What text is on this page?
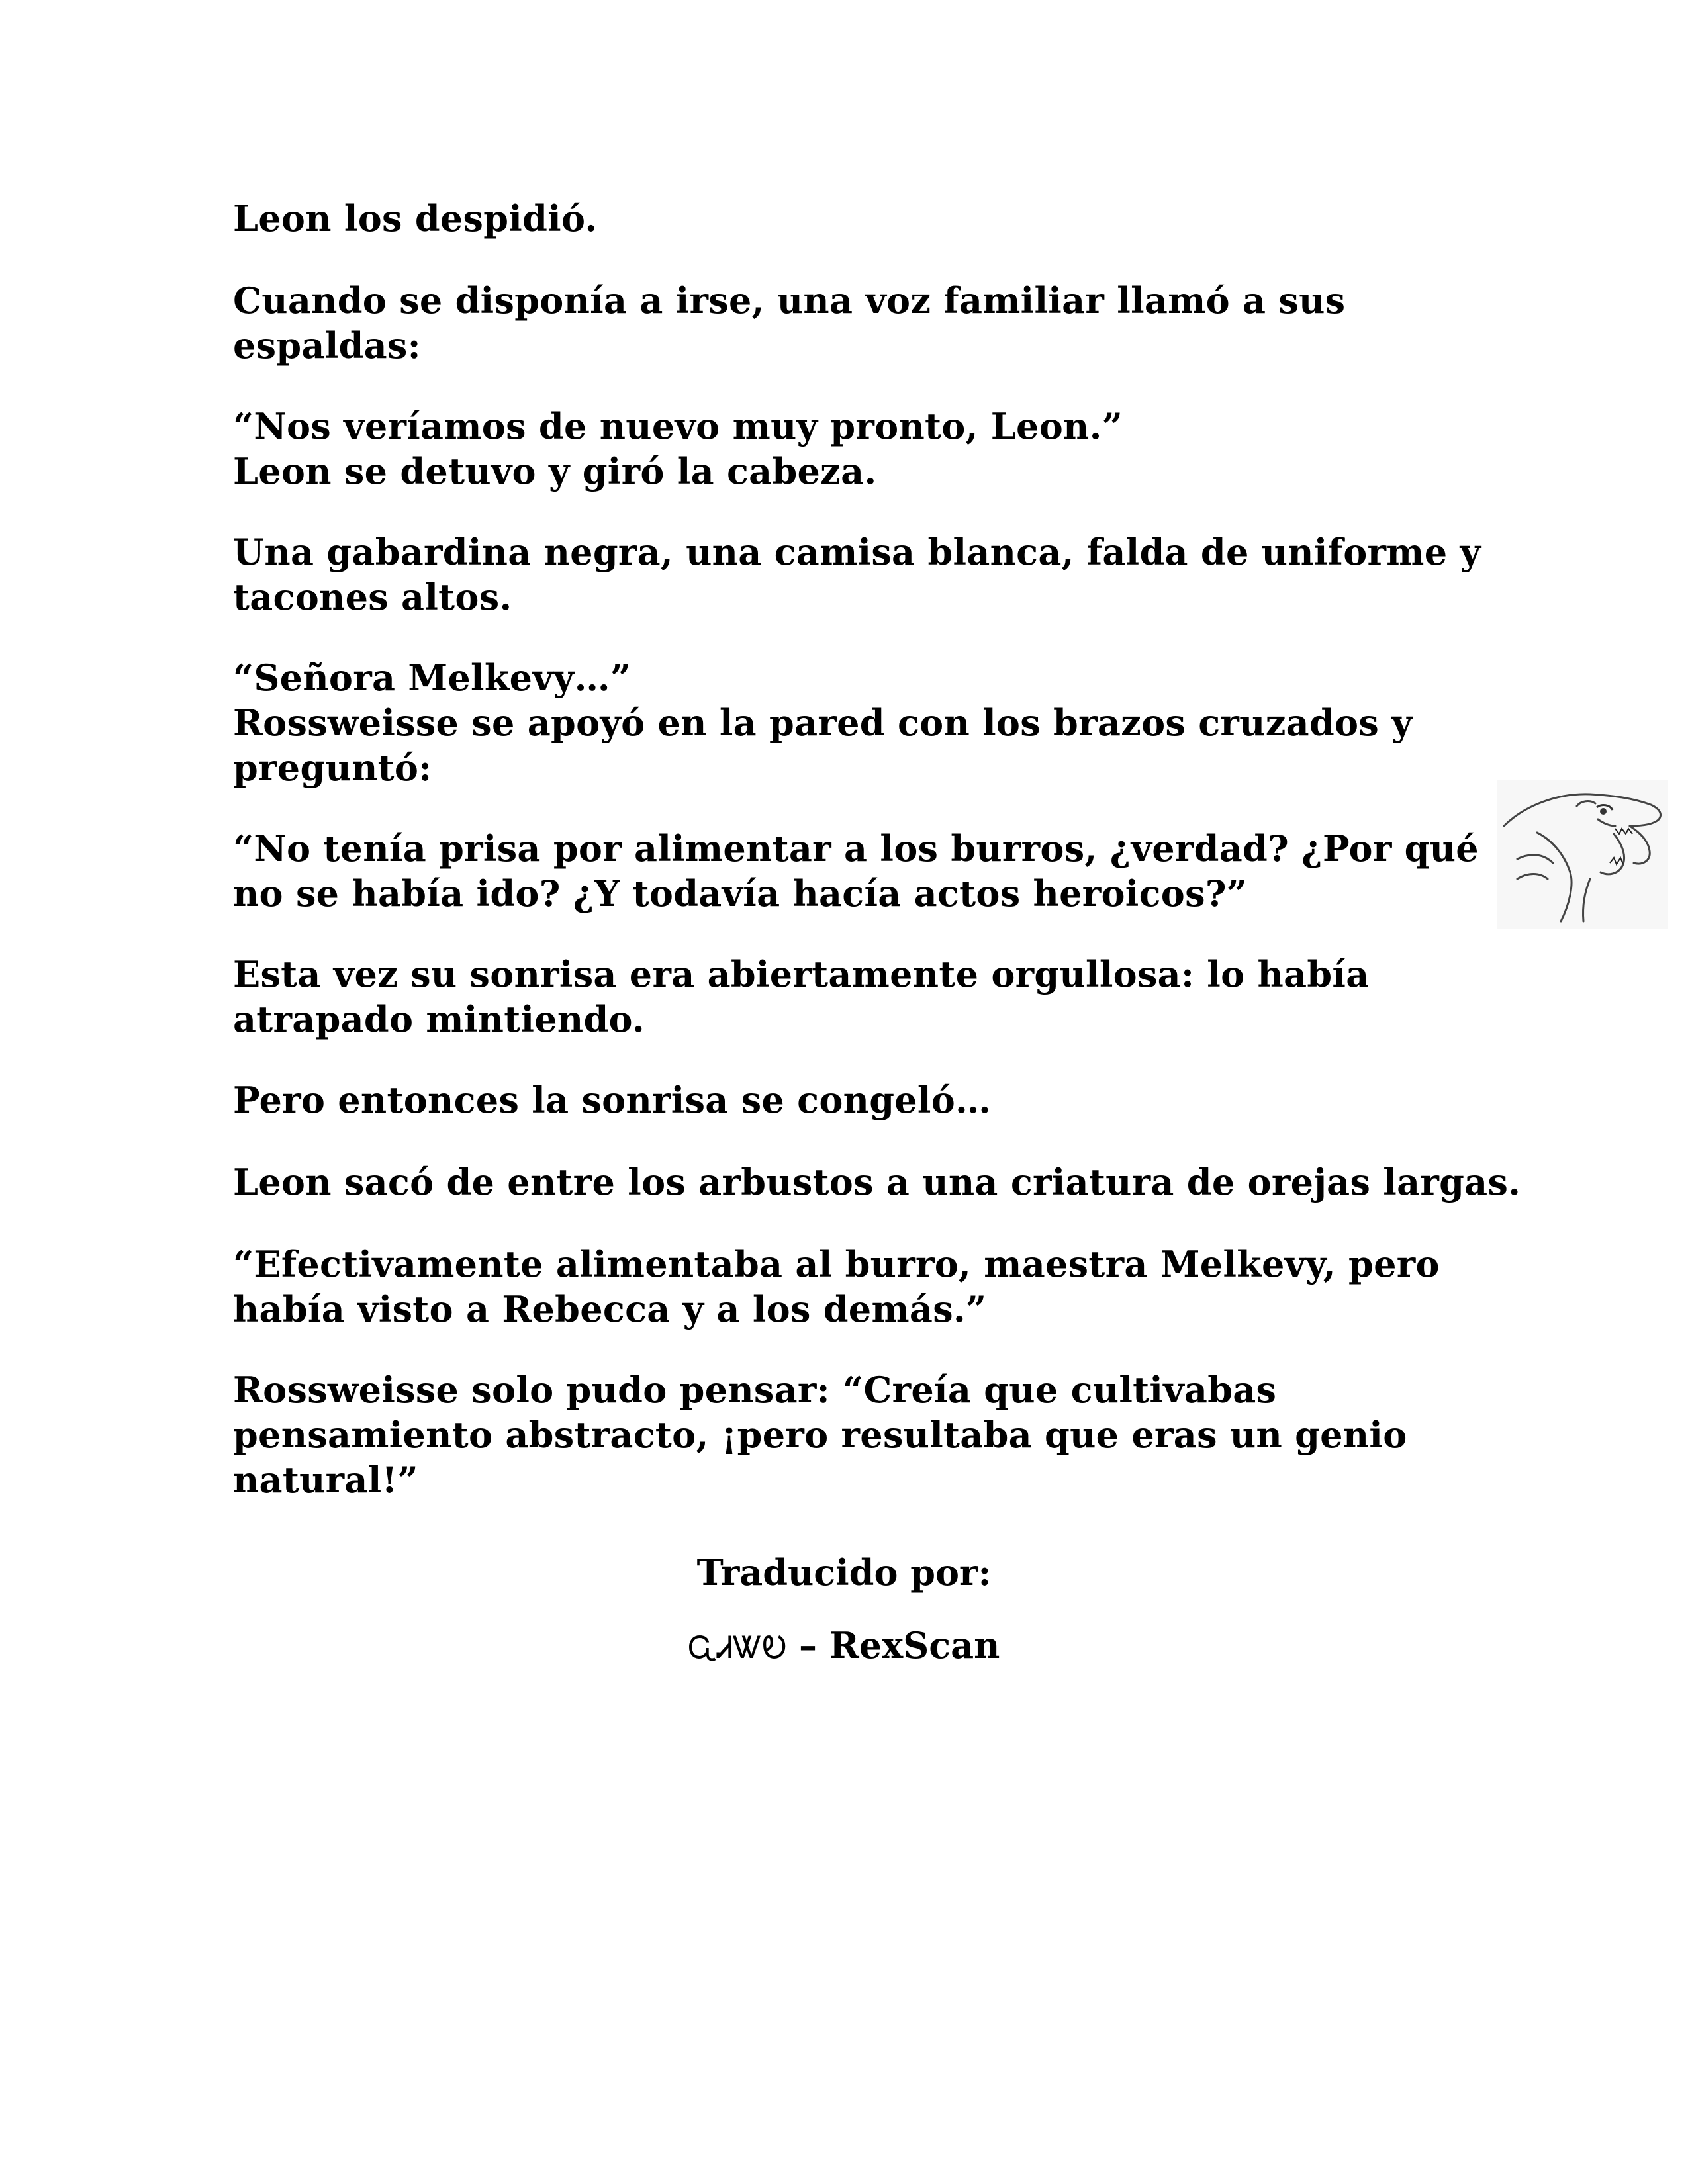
Leon los despidió.

Cuando se disponía a irse, una voz familiar llamó a sus
espaldas:

“Nos veríamos de nuevo muy pronto, Leon.”
Leon se detuvo y giró la cabeza.

Una gabardina negra, una camisa blanca, falda de uniforme y
tacones altos.

“Señora Melkevy…”
Rossweisse se apoyó en la pared con los brazos cruzados y
preguntó:

“No tenía prisa por alimentar a los burros, ¿verdad? ¿Por qué
no se había ido? ¿Y todavía hacía actos heroicos?”

Esta vez su sonrisa era abiertamente orgullosa: lo había
atrapado mintiendo.

Pero entonces la sonrisa se congeló…

Leon sacó de entre los arbustos a una criatura de orejas largas.

“Efectivamente alimentaba al burro, maestra Melkevy, pero
había visto a Rebecca y a los demás.”

Rossweisse solo pudo pensar: “Creía que cultivabas
pensamiento abstracto, ¡pero resultaba que eras un genio
natural!”

Traducido por:
ᏩᏗᏔᎧ – RexScan
